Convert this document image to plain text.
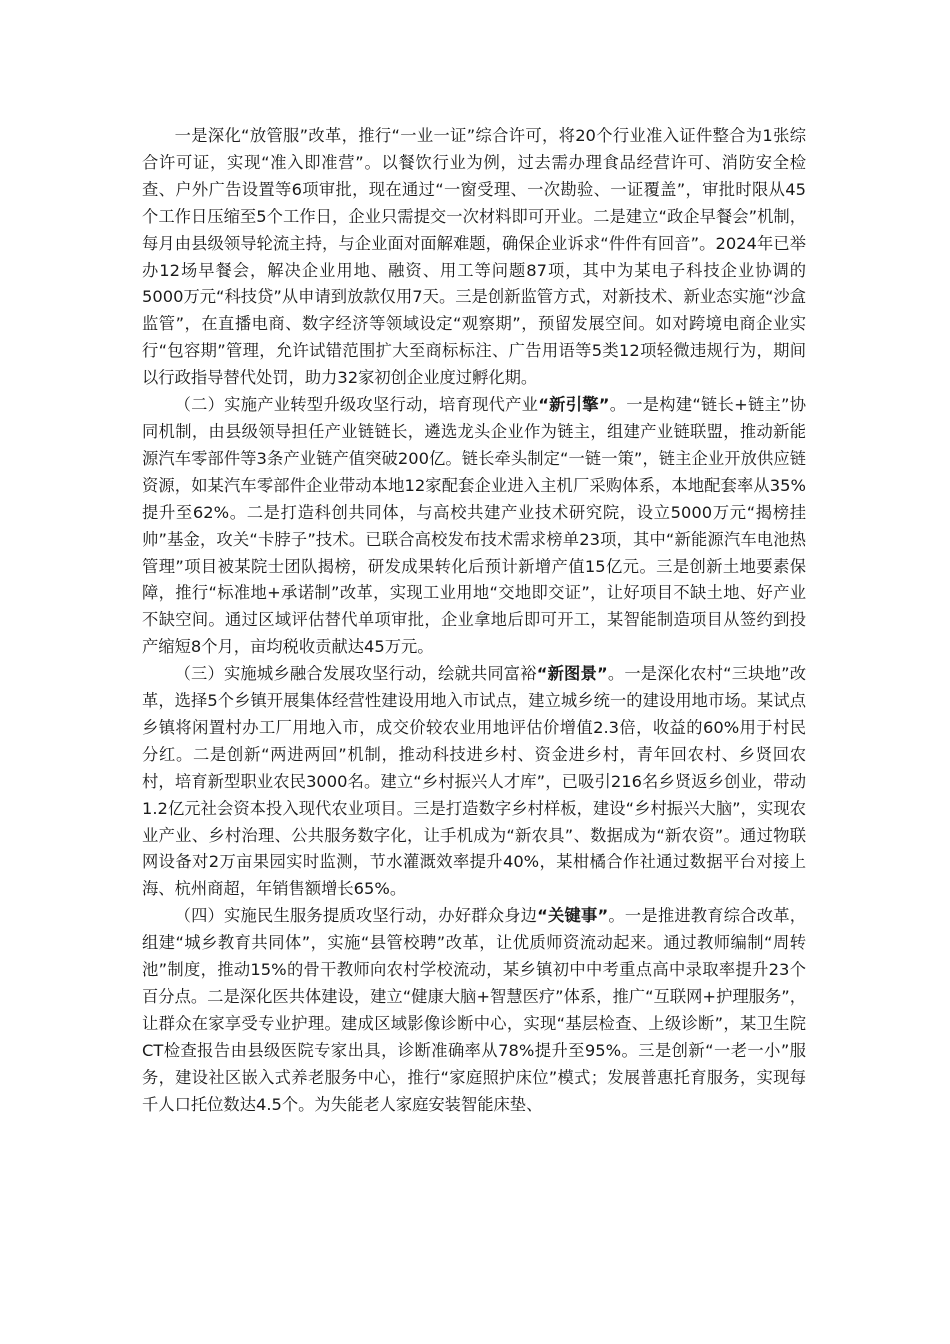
一是深化“放管服”改革，推行“一业一证”综合许可，将20个行业准入证件整合为1张综合许可证，实现“准入即准营”。以餐饮行业为例，过去需办理食品经营许可、消防安全检查、户外广告设置等6项审批，现在通过“一窗受理、一次勘验、一证覆盖”，审批时限从45个工作日压缩至5个工作日，企业只需提交一次材料即可开业。二是建立“政企早餐会”机制，每月由县级领导轮流主持，与企业面对面解难题，确保企业诉求“件件有回音”。2024年已举办12场早餐会，解决企业用地、融资、用工等问题87项，其中为某电子科技企业协调的5000万元“科技贷”从申请到放款仅用7天。三是创新监管方式，对新技术、新业态实施“沙盒监管”，在直播电商、数字经济等领域设定“观察期”，预留发展空间。如对跨境电商企业实行“包容期”管理，允许试错范围扩大至商标标注、广告用语等5类12项轻微违规行为，期间以行政指导替代处罚，助力32家初创企业度过孵化期。

（二）实施产业转型升级攻坚行动，培育现代产业“新引擎”。一是构建“链长+链主”协同机制，由县级领导担任产业链链长，遴选龙头企业作为链主，组建产业链联盟，推动新能源汽车零部件等3条产业链产值突破200亿。链长牵头制定“一链一策”，链主企业开放供应链资源，如某汽车零部件企业带动本地12家配套企业进入主机厂采购体系，本地配套率从35%提升至62%。二是打造科创共同体，与高校共建产业技术研究院，设立5000万元“揭榜挂帅”基金，攻关“卡脖子”技术。已联合高校发布技术需求榜单23项，其中“新能源汽车电池热管理”项目被某院士团队揭榜，研发成果转化后预计新增产值15亿元。三是创新土地要素保障，推行“标准地+承诺制”改革，实现工业用地“交地即交证”，让好项目不缺土地、好产业不缺空间。通过区域评估替代单项审批，企业拿地后即可开工，某智能制造项目从签约到投产缩短8个月，亩均税收贡献达45万元。

（三）实施城乡融合发展攻坚行动，绘就共同富裕“新图景”。一是深化农村“三块地”改革，选择5个乡镇开展集体经营性建设用地入市试点，建立城乡统一的建设用地市场。某试点乡镇将闲置村办工厂用地入市，成交价较农业用地评估价增值2.3倍，收益的60%用于村民分红。二是创新“两进两回”机制，推动科技进乡村、资金进乡村，青年回农村、乡贤回农村，培育新型职业农民3000名。建立“乡村振兴人才库”，已吸引216名乡贤返乡创业，带动1.2亿元社会资本投入现代农业项目。三是打造数字乡村样板，建设“乡村振兴大脑”，实现农业产业、乡村治理、公共服务数字化，让手机成为“新农具”、数据成为“新农资”。通过物联网设备对2万亩果园实时监测，节水灌溉效率提升40%，某柑橘合作社通过数据平台对接上海、杭州商超，年销售额增长65%。

（四）实施民生服务提质攻坚行动，办好群众身边“关键事”。一是推进教育综合改革，组建“城乡教育共同体”，实施“县管校聘”改革，让优质师资流动起来。通过教师编制“周转池”制度，推动15%的骨干教师向农村学校流动，某乡镇初中中考重点高中录取率提升23个百分点。二是深化医共体建设，建立“健康大脑+智慧医疗”体系，推广“互联网+护理服务”，让群众在家享受专业护理。建成区域影像诊断中心，实现“基层检查、上级诊断”，某卫生院CT检查报告由县级医院专家出具，诊断准确率从78%提升至95%。三是创新“一老一小”服务，建设社区嵌入式养老服务中心，推行“家庭照护床位”模式；发展普惠托育服务，实现每千人口托位数达4.5个。为失能老人家庭安装智能床垫、
